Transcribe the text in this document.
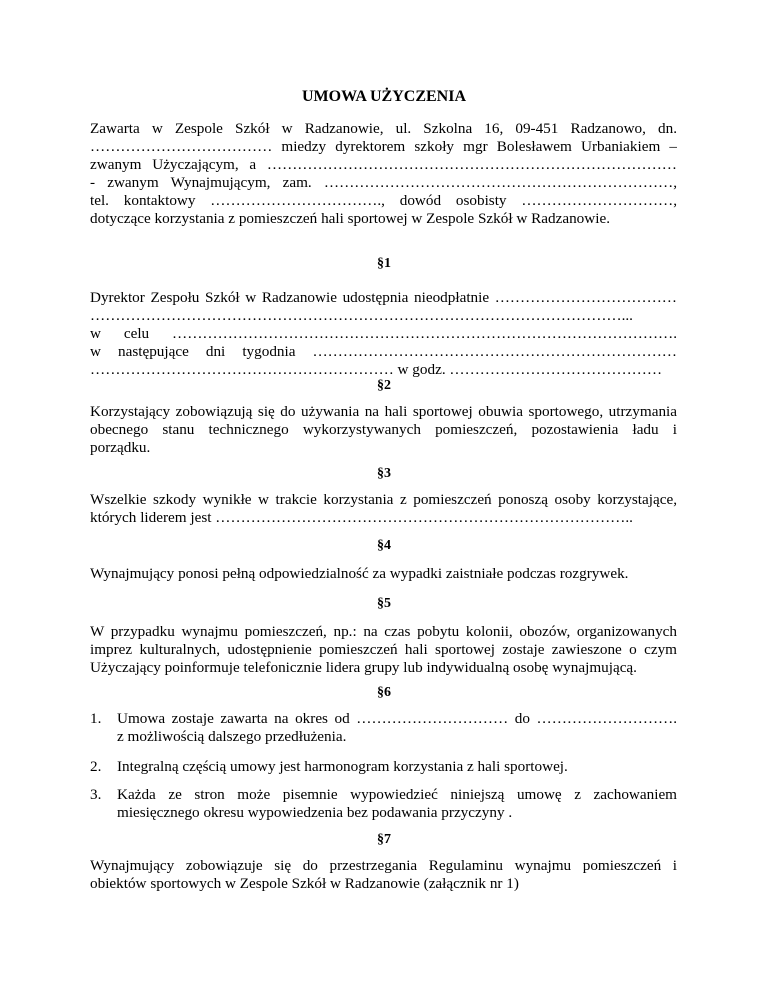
UMOWA UŻYCZENIA
Zawarta w Zespole Szkół w Radzanowie, ul. Szkolna 16, 09-451 Radzanowo, dn.
……………………………… miedzy dyrektorem szkoły mgr Bolesławem Urbaniakiem –
zwanym Użyczającym, a ………………………………………………………………………
- zwanym Wynajmującym, zam. ……………………………………………………………,
tel. kontaktowy ……………………………., dowód osobisty …………………………,
dotyczące korzystania z pomieszczeń hali sportowej w Zespole Szkół w Radzanowie.
§1
Dyrektor Zespołu Szkół w Radzanowie udostępnia nieodpłatnie ………………………………
……………………………………………………………………………………………...
w celu ……………………………………………………………………………………….
w następujące dni tygodnia ………………………………………………………………
…………………………………………………… w godz. ……………………………………
§2
Korzystający zobowiązują się do używania na hali sportowej obuwia sportowego, utrzymania
obecnego stanu technicznego wykorzystywanych pomieszczeń, pozostawienia ładu i
porządku.
§3
Wszelkie szkody wynikłe w trakcie korzystania z pomieszczeń ponoszą osoby korzystające,
których liderem jest ………………………………………………………………………..
§4
Wynajmujący ponosi pełną odpowiedzialność za wypadki zaistniałe podczas rozgrywek.
§5
W przypadku wynajmu pomieszczeń, np.: na czas pobytu kolonii, obozów, organizowanych
imprez kulturalnych, udostępnienie pomieszczeń hali sportowej zostaje zawieszone o czym
Użyczający poinformuje telefonicznie lidera grupy lub indywidualną osobę wynajmującą.
§6
1.	Umowa zostaje zawarta na okres od ………………………… do ……………………….
z możliwością dalszego przedłużenia.
2.	Integralną częścią umowy jest harmonogram korzystania z hali sportowej.
3.	Każda ze stron może pisemnie wypowiedzieć niniejszą umowę z zachowaniem
miesięcznego okresu wypowiedzenia bez podawania przyczyny .
§7
Wynajmujący zobowiązuje się do przestrzegania Regulaminu wynajmu pomieszczeń i
obiektów sportowych w Zespole Szkół w Radzanowie (załącznik nr 1)
